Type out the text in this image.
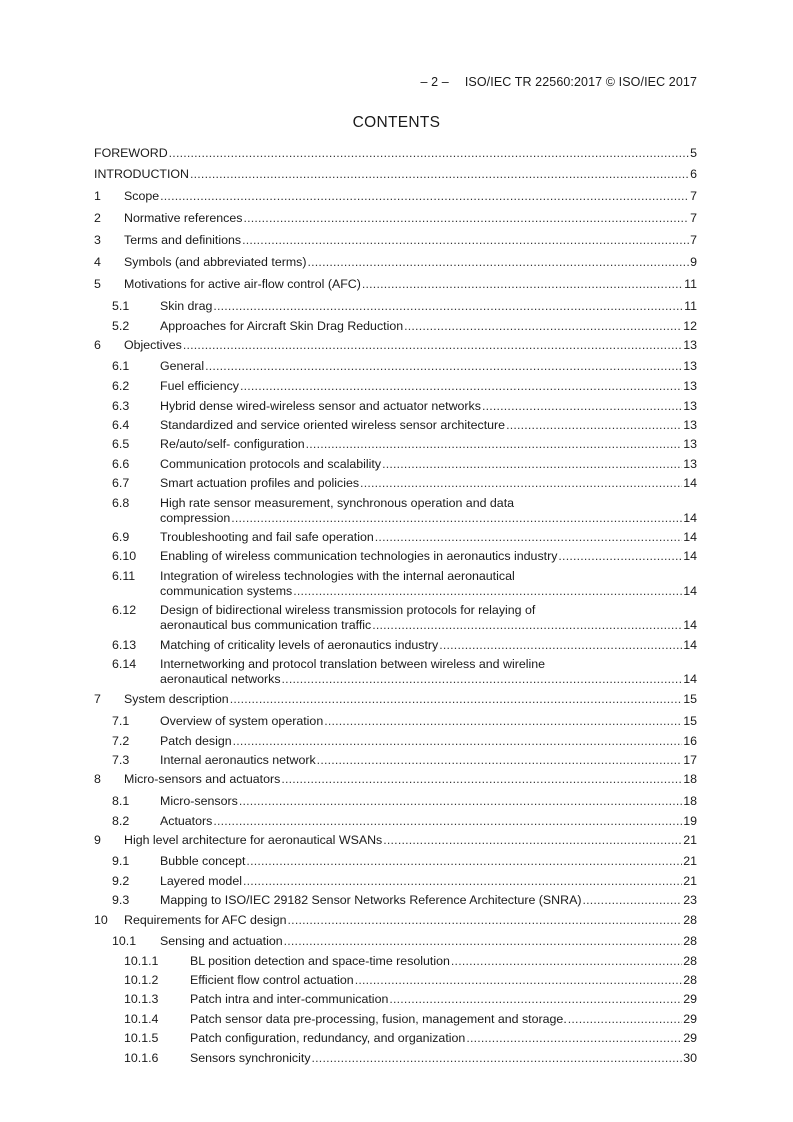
– 2 – ISO/IEC TR 22560:2017 © ISO/IEC 2017
CONTENTS
FOREWORD .....	5
INTRODUCTION .....	6
1	Scope .....	7
2	Normative references .....	7
3	Terms and definitions .....	7
4	Symbols (and abbreviated terms) .....	9
5	Motivations for active air-flow control (AFC) .....	11
5.1	Skin drag .....	11
5.2	Approaches for Aircraft Skin Drag Reduction .....	12
6	Objectives .....	13
6.1	General .....	13
6.2	Fuel efficiency .....	13
6.3	Hybrid dense wired-wireless sensor and actuator networks .....	13
6.4	Standardized and service oriented wireless sensor architecture .....	13
6.5	Re/auto/self- configuration .....	13
6.6	Communication protocols and scalability .....	13
6.7	Smart actuation profiles and policies .....	14
6.8	High rate sensor measurement, synchronous operation and data
compression .....	14
6.9	Troubleshooting and fail safe operation .....	14
6.10	Enabling of wireless communication technologies in aeronautics industry .....	14
6.11	Integration of wireless technologies with the internal aeronautical
communication systems .....	14
6.12	Design of bidirectional wireless transmission protocols for relaying of
aeronautical bus communication traffic .....	14
6.13	Matching of criticality levels of aeronautics industry .....	14
6.14	Internetworking and protocol translation between wireless and wireline
aeronautical networks .....	14
7	System description .....	15
7.1	Overview of system operation .....	15
7.2	Patch design .....	16
7.3	Internal aeronautics network .....	17
8	Micro-sensors and actuators .....	18
8.1	Micro-sensors .....	18
8.2	Actuators .....	19
9	High level architecture for aeronautical WSANs .....	21
9.1	Bubble concept .....	21
9.2	Layered model .....	21
9.3	Mapping to ISO/IEC 29182 Sensor Networks Reference Architecture (SNRA) .....	23
10	Requirements for AFC design .....	28
10.1	Sensing and actuation .....	28
10.1.1	BL position detection and space-time resolution .....	28
10.1.2	Efficient flow control actuation .....	28
10.1.3	Patch intra and inter-communication .....	29
10.1.4	Patch sensor data pre-processing, fusion, management and storage. .....	29
10.1.5	Patch configuration, redundancy, and organization .....	29
10.1.6	Sensors synchronicity .....	30
